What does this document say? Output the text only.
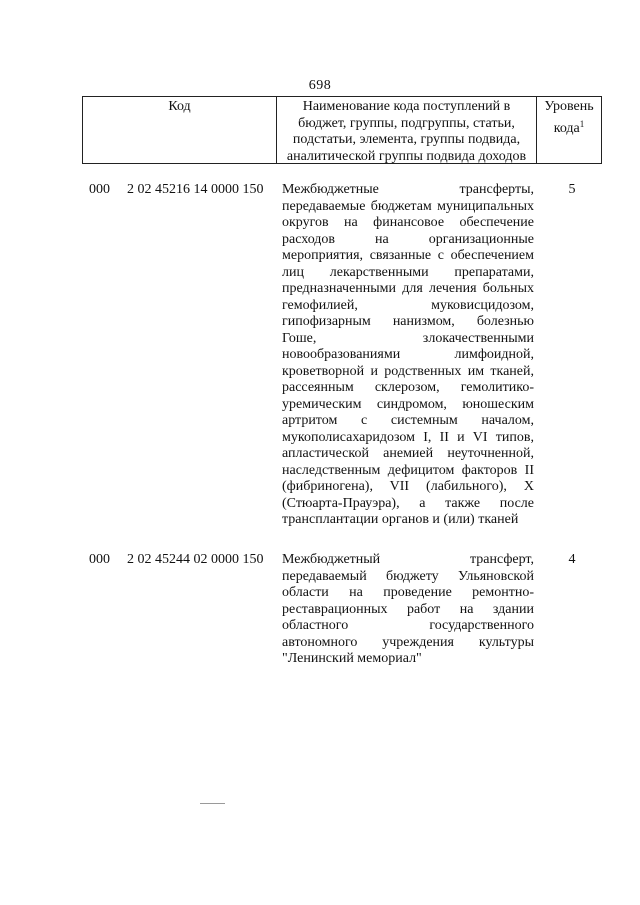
698
Код	Наименование кода поступлений в бюджет, группы, подгруппы, статьи, подстатьи, элемента, группы подвида, аналитической группы подвида доходов
Уровень кода$^1$
000 2 02 45216 14 0000 150 Межбюджетные трансферты, передаваемые бюджетам муниципальных округов на финансовое обеспечение расходов на организационные мероприятия, связанные с обеспечением лиц лекарственными препаратами, предназначенными для лечения больных гемофилией, муковисцидозом, гипофизарным нанизмом, болезнью Гоше, злокачественными новообразованиями лимфоидной, кроветворной и родственных им тканей, рассеянным склерозом, гемолитико-уремическим синдромом, юношеским артритом с системным началом, мукополисахаридозом I, II и VI типов, апластической анемией неуточненной, наследственным дефицитом факторов II (фибриногена), VII (лабильного), X (Стюарта-Прауэра), а также после трансплантации органов и (или) тканей
5
000 2 02 45244 02 0000 150 Межбюджетный трансферт, передаваемый бюджету Ульяновской области на проведение ремонтно-реставрационных работ на здании областного государственного автономного учреждения культуры "Ленинский мемориал"
4
